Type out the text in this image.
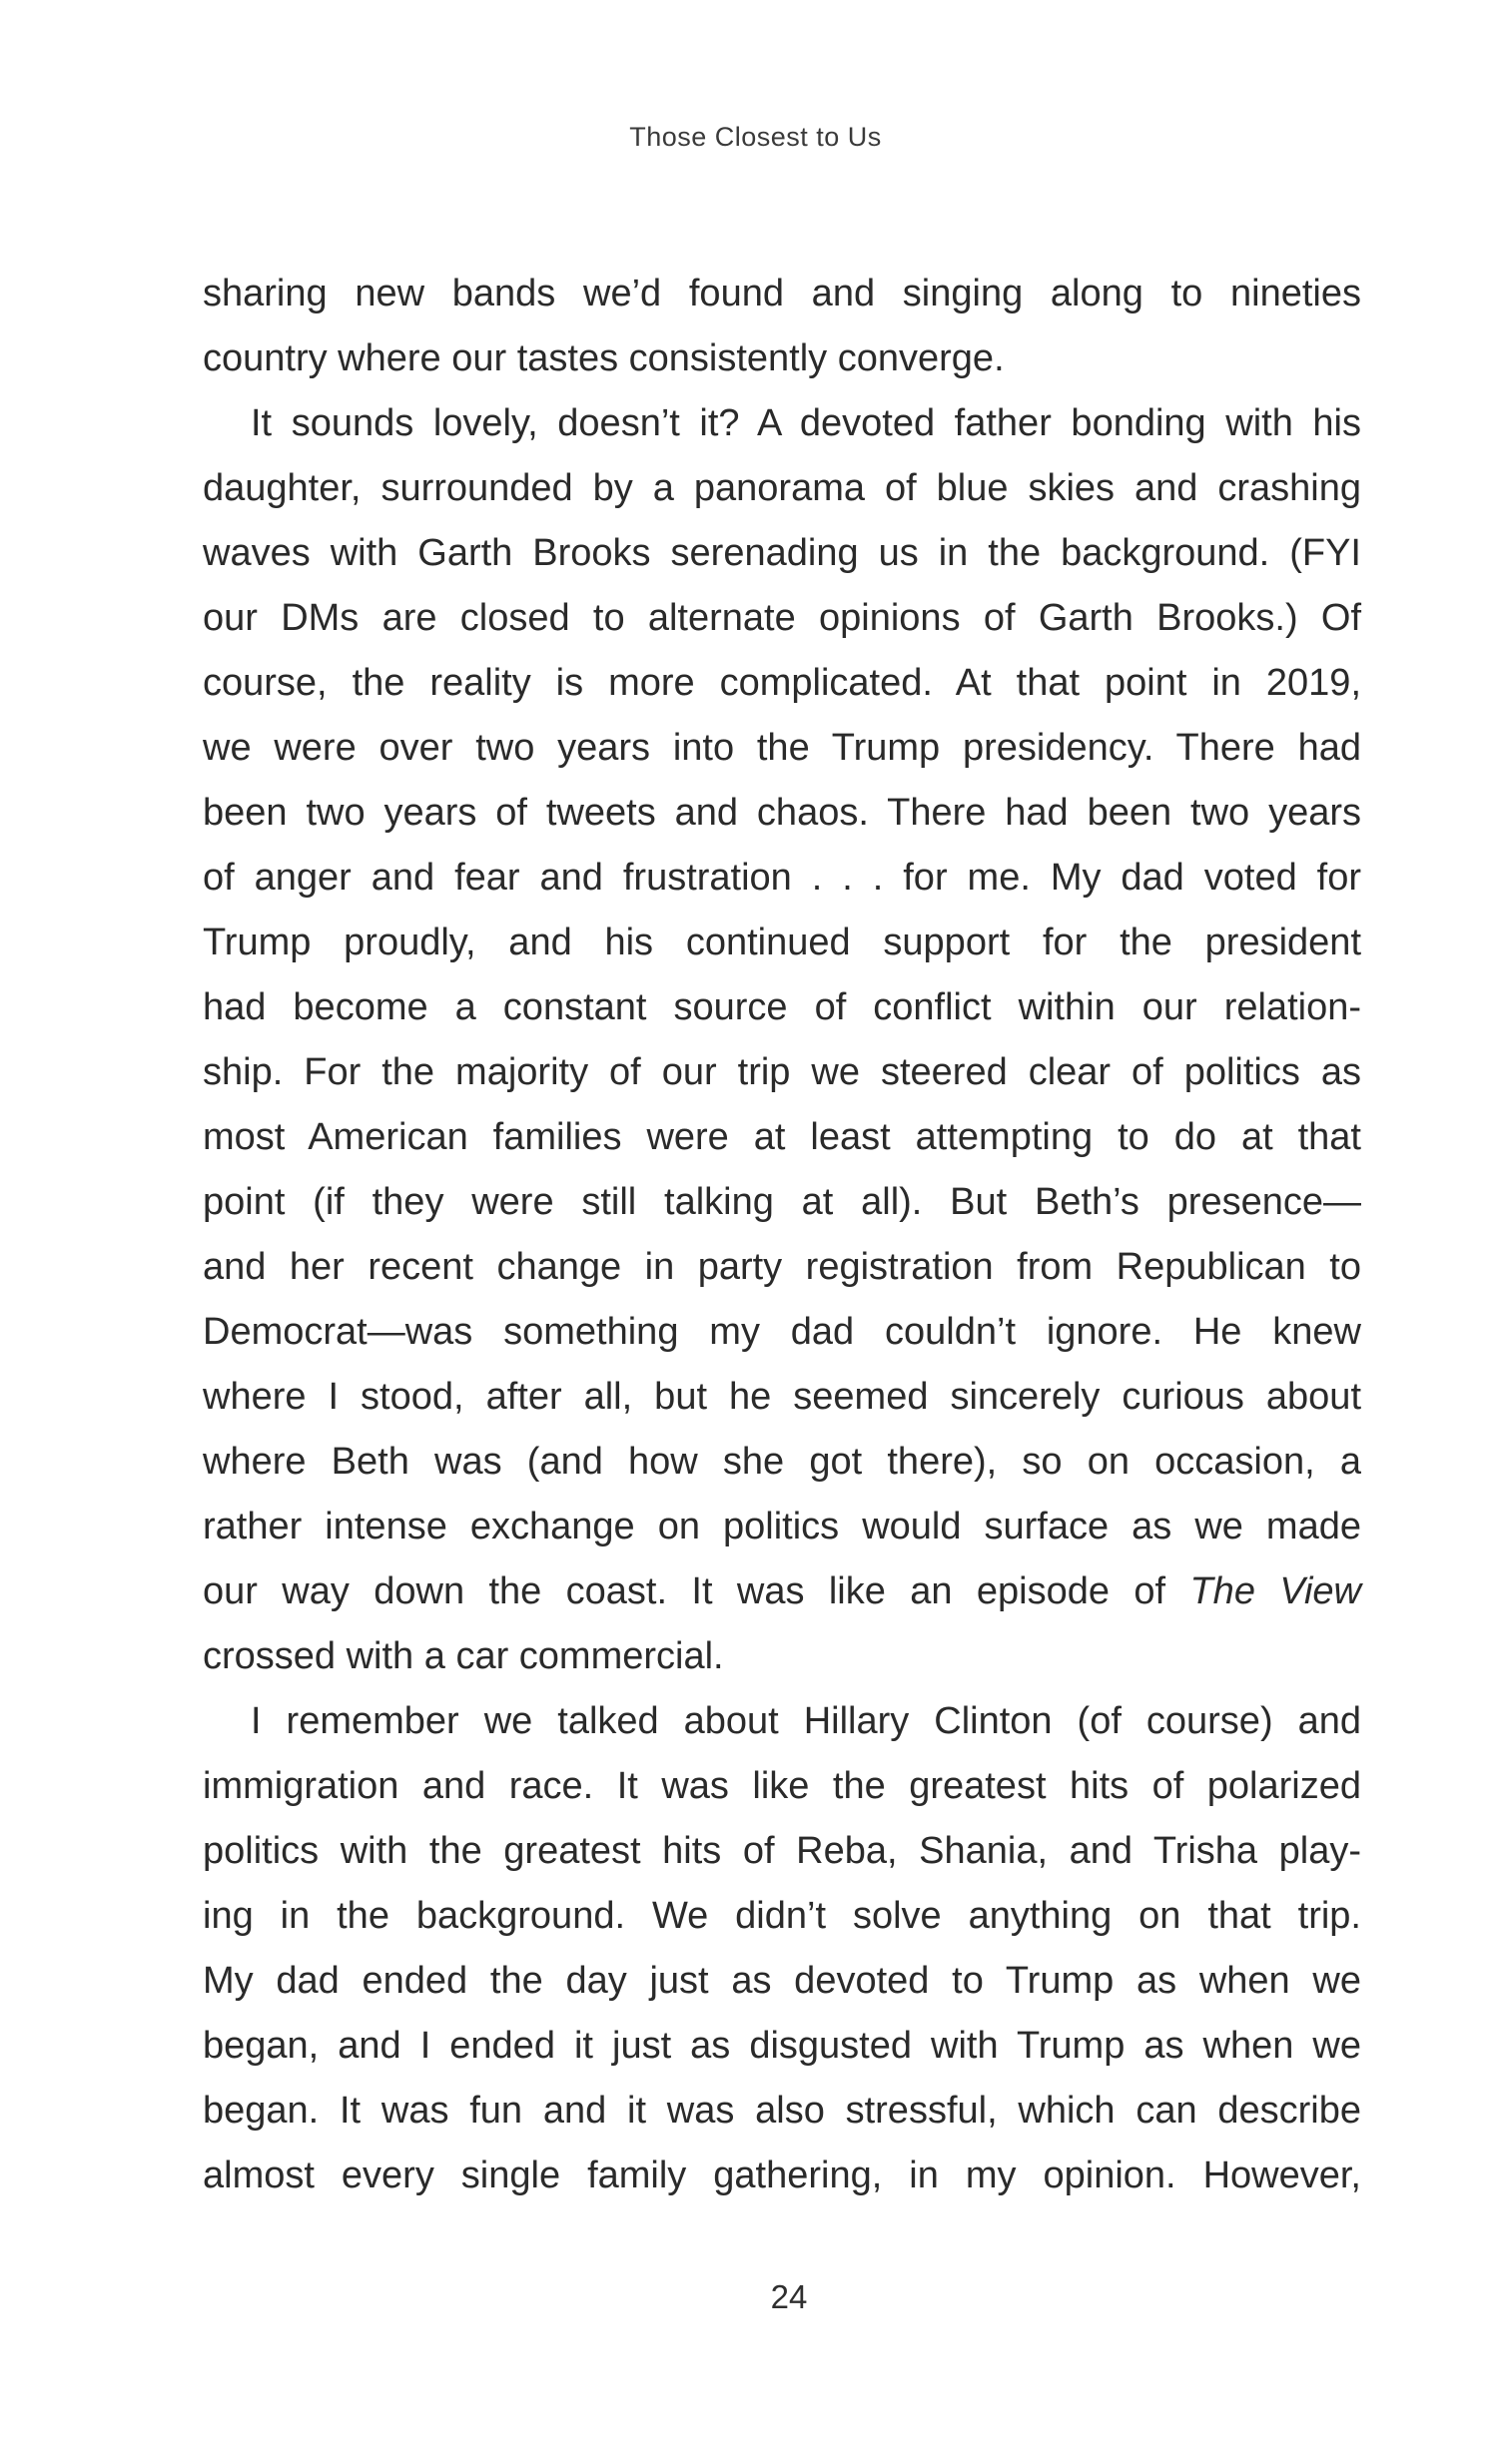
Those Closest to Us
sharing new bands we’d found and singing along to nineties
country where our tastes consistently converge.
It sounds lovely, doesn’t it? A devoted father bonding with his
daughter, surrounded by a panorama of blue skies and crashing
waves with Garth Brooks serenading us in the background. (FYI
our DMs are closed to alternate opinions of Garth Brooks.) Of
course, the reality is more complicated. At that point in 2019,
we were over two years into the Trump presidency. There had
been two years of tweets and chaos. There had been two years
of anger and fear and frustration . . . for me. My dad voted for
Trump proudly, and his continued support for the president
had become a constant source of conflict within our relation-
ship. For the majority of our trip we steered clear of politics as
most American families were at least attempting to do at that
point (if they were still talking at all). But Beth’s presence—
and her recent change in party registration from Republican to
Democrat—was something my dad couldn’t ignore. He knew
where I stood, after all, but he seemed sincerely curious about
where Beth was (and how she got there), so on occasion, a
rather intense exchange on politics would surface as we made
our way down the coast. It was like an episode of The View
crossed with a car commercial.
I remember we talked about Hillary Clinton (of course) and
immigration and race. It was like the greatest hits of polarized
politics with the greatest hits of Reba, Shania, and Trisha play-
ing in the background. We didn’t solve anything on that trip.
My dad ended the day just as devoted to Trump as when we
began, and I ended it just as disgusted with Trump as when we
began. It was fun and it was also stressful, which can describe
almost every single family gathering, in my opinion. However,
24
